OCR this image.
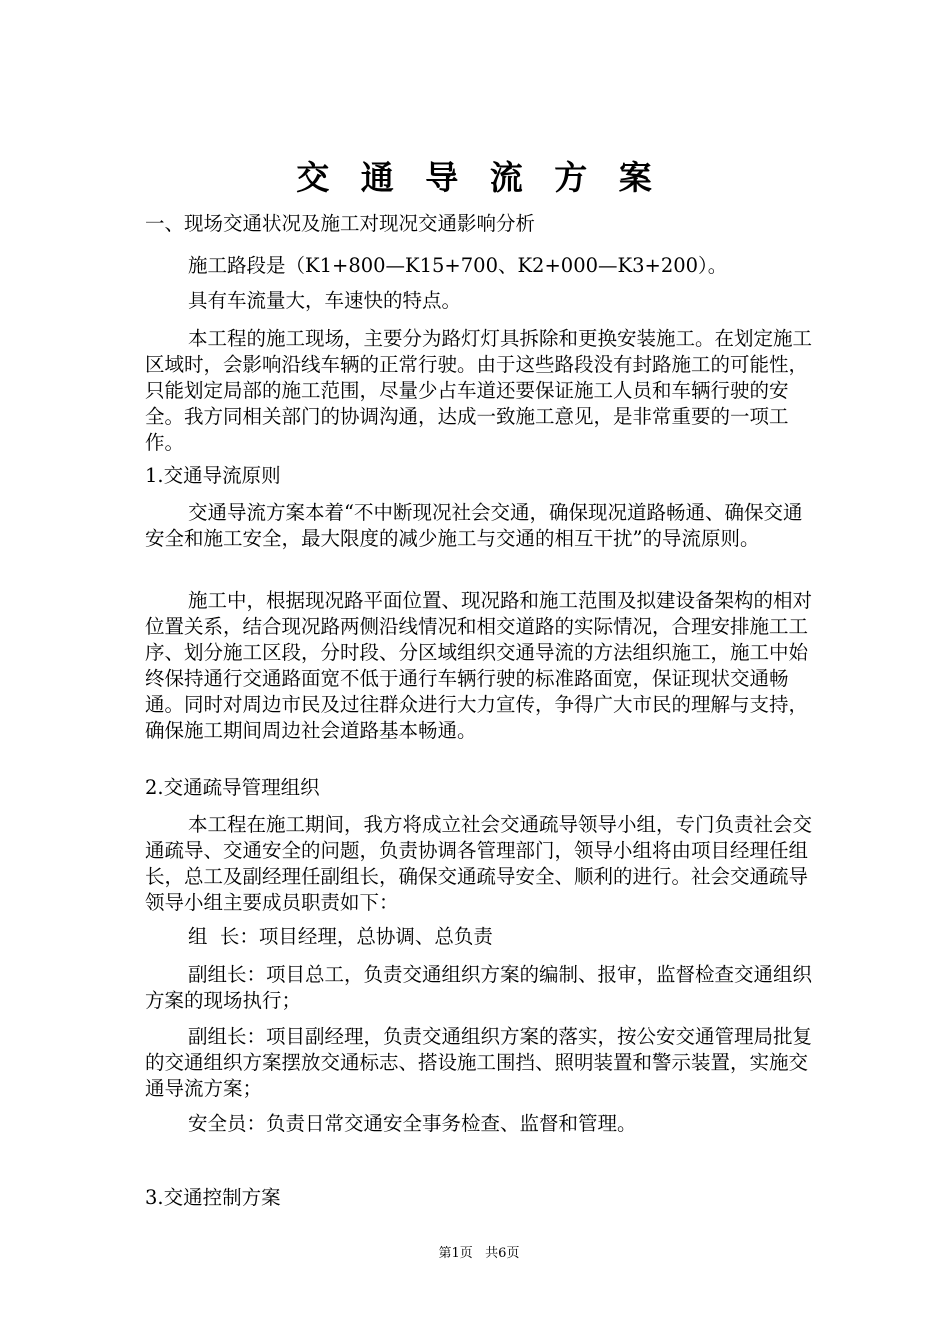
交 通 导 流 方 案

一、现场交通状况及施工对现况交通影响分析

施工路段是（K1+800—K15+700、K2+000—K3+200）。

具有车流量大，车速快的特点。

本工程的施工现场，主要分为路灯灯具拆除和更换安装施工。在划定施工区域时，会影响沿线车辆的正常行驶。由于这些路段没有封路施工的可能性，只能划定局部的施工范围，尽量少占车道还要保证施工人员和车辆行驶的安全。我方同相关部门的协调沟通，达成一致施工意见，是非常重要的一项工作。

1.交通导流原则

交通导流方案本着“不中断现况社会交通，确保现况道路畅通、确保交通安全和施工安全，最大限度的减少施工与交通的相互干扰”的导流原则。

施工中，根据现况路平面位置、现况路和施工范围及拟建设备架构的相对位置关系，结合现况路两侧沿线情况和相交道路的实际情况，合理安排施工工序、划分施工区段，分时段、分区域组织交通导流的方法组织施工，施工中始终保持通行交通路面宽不低于通行车辆行驶的标准路面宽，保证现状交通畅通。同时对周边市民及过往群众进行大力宣传，争得广大市民的理解与支持，确保施工期间周边社会道路基本畅通。

2.交通疏导管理组织

本工程在施工期间，我方将成立社会交通疏导领导小组，专门负责社会交通疏导、交通安全的问题，负责协调各管理部门，领导小组将由项目经理任组长，总工及副经理任副组长，确保交通疏导安全、顺利的进行。社会交通疏导领导小组主要成员职责如下：

组  长：项目经理，总协调、总负责

副组长：项目总工，负责交通组织方案的编制、报审，监督检查交通组织方案的现场执行；

副组长：项目副经理，负责交通组织方案的落实，按公安交通管理局批复的交通组织方案摆放交通标志、搭设施工围挡、照明装置和警示装置，实施交通导流方案；

安全员：负责日常交通安全事务检查、监督和管理。

3.交通控制方案

第1页   共6页
